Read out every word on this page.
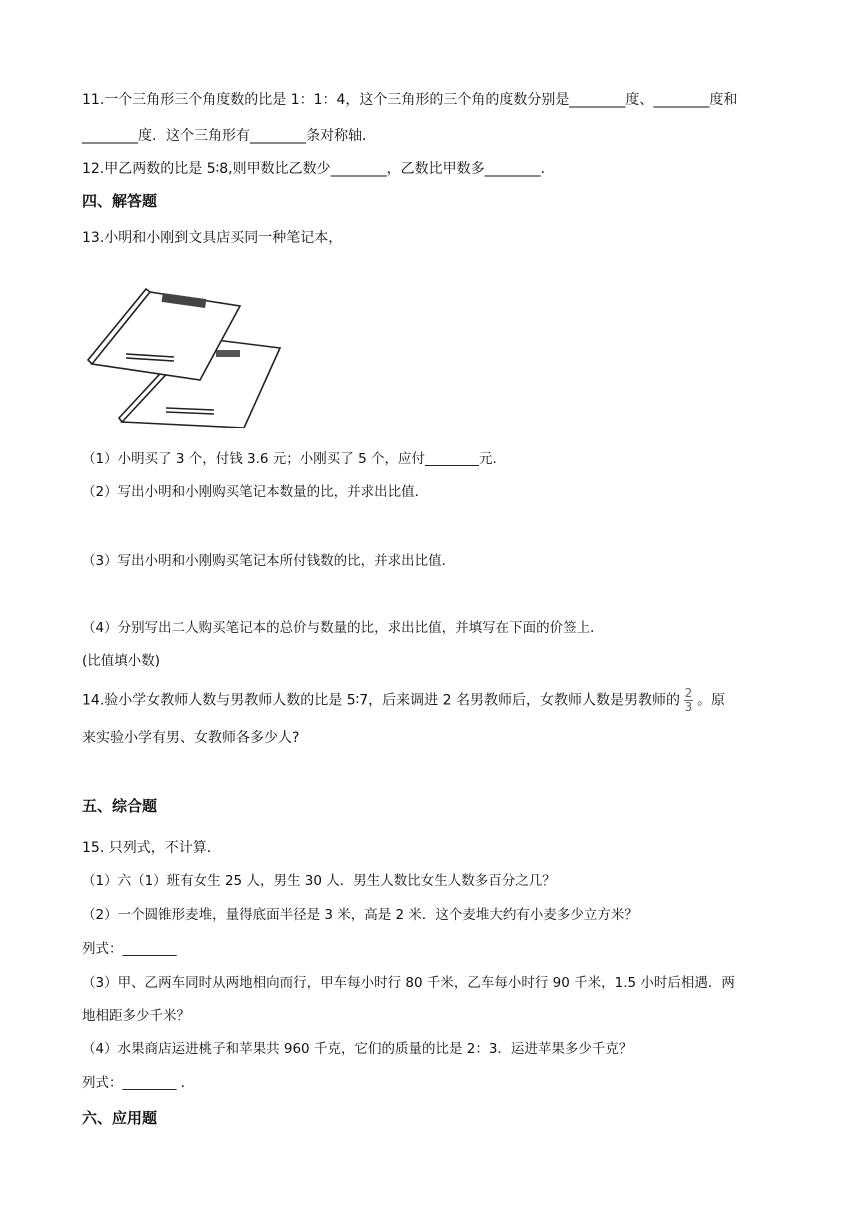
11.一个三角形三个角度数的比是 1：1：4，这个三角形的三个角的度数分别是________度、________度和
________度．这个三角形有________条对称轴．
12.甲乙两数的比是 5∶8,则甲数比乙数少________，乙数比甲数多________.
四、解答题
13.小明和小刚到文具店买同一种笔记本，
（1）小明买了 3 个，付钱 3.6 元；小刚买了 5 个，应付________元．
（2）写出小明和小刚购买笔记本数量的比，并求出比值．
（3）写出小明和小刚购买笔记本所付钱数的比，并求出比值．
（4）分别写出二人购买笔记本的总价与数量的比，求出比值，并填写在下面的价签上．
(比值填小数)
14.验小学女教师人数与男教师人数的比是 5∶7，后来调进 2 名男教师后，女教师人数是男教师的 $\frac{2}{3}$ 。原
来实验小学有男、女教师各多少人?
五、综合题
15. 只列式，不计算．
（1）六（1）班有女生 25 人，男生 30 人．男生人数比女生人数多百分之几？
（2）一个圆锥形麦堆，量得底面半径是 3 米，高是 2 米．这个麦堆大约有小麦多少立方米？
列式：________
（3）甲、乙两车同时从两地相向而行，甲车每小时行 80 千米，乙车每小时行 90 千米，1.5 小时后相遇．两
地相距多少千米？
（4）水果商店运进桃子和苹果共 960 千克，它们的质量的比是 2：3．运进苹果多少千克？
列式：________ ．
六、应用题
